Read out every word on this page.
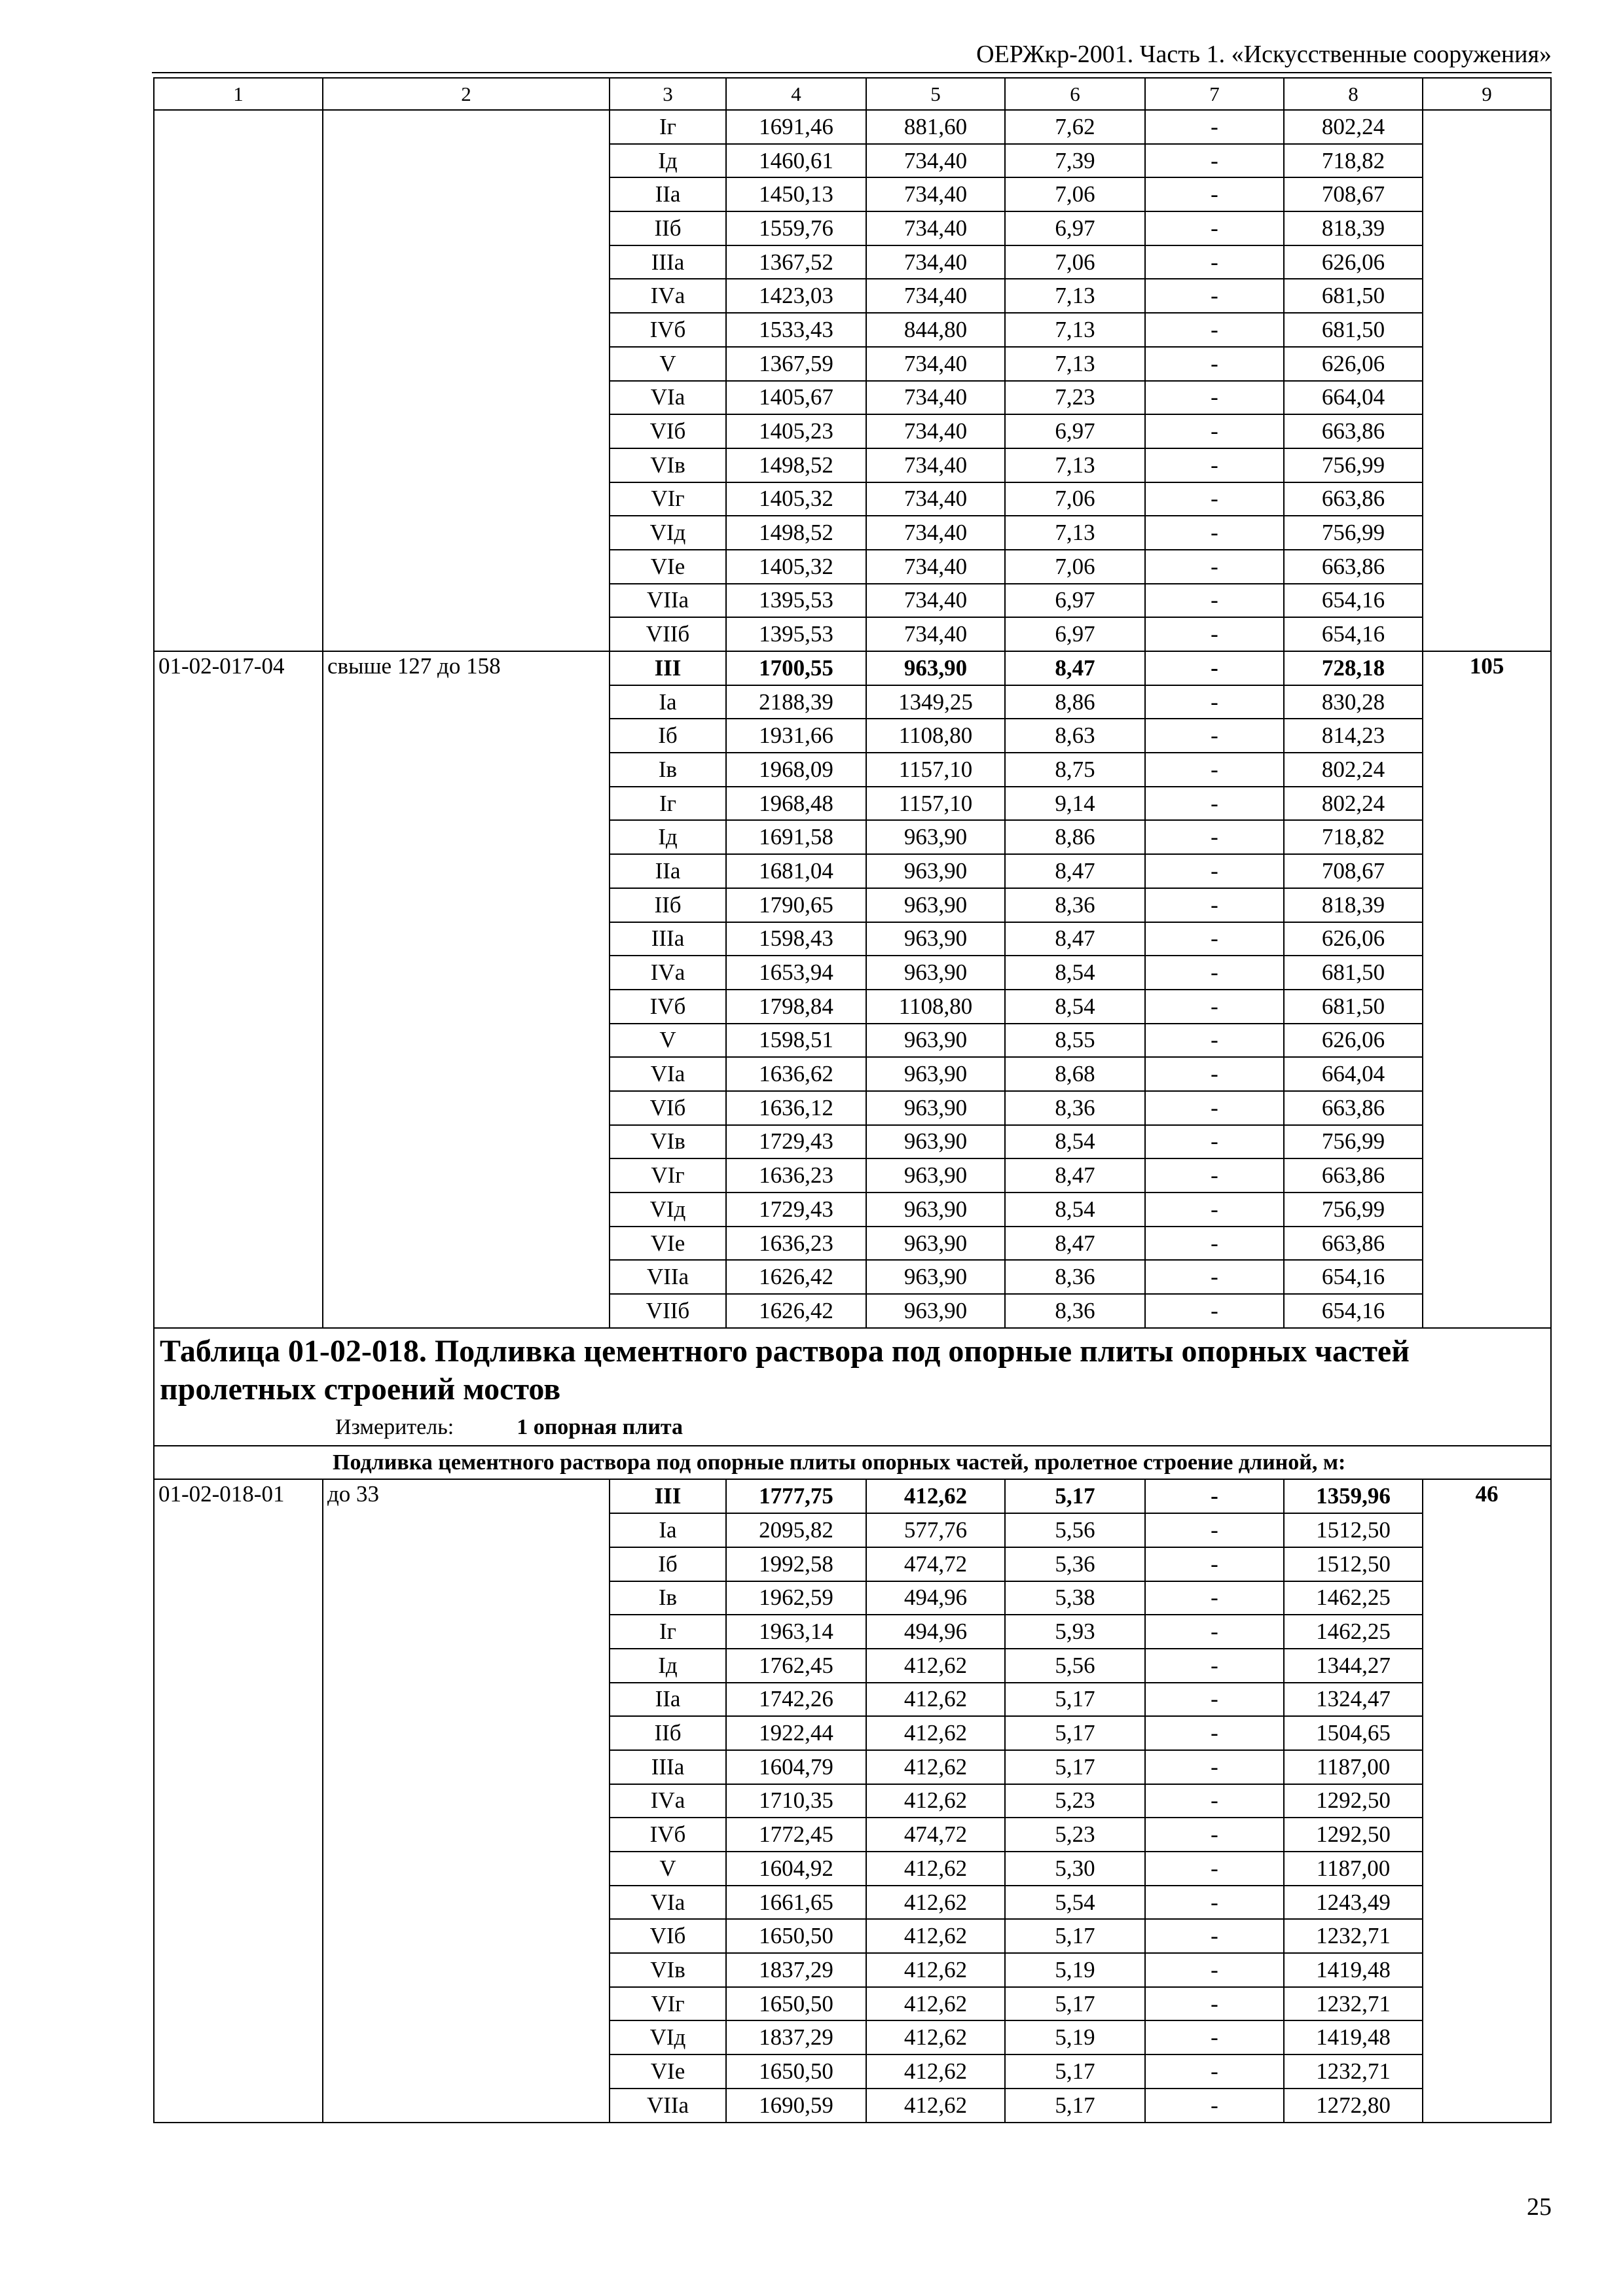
ОЕРЖкр-2001. Часть 1. «Искусственные сооружения»
1	2	3	4	5	6	7	8	9
		Iг	1691,46	881,60	7,62	-	802,24	
		Iд	1460,61	734,40	7,39	-	718,82	
		IIа	1450,13	734,40	7,06	-	708,67	
		IIб	1559,76	734,40	6,97	-	818,39	
		IIIа	1367,52	734,40	7,06	-	626,06	
		IVа	1423,03	734,40	7,13	-	681,50	
		IVб	1533,43	844,80	7,13	-	681,50	
		V	1367,59	734,40	7,13	-	626,06	
		VIа	1405,67	734,40	7,23	-	664,04	
		VIб	1405,23	734,40	6,97	-	663,86	
		VIв	1498,52	734,40	7,13	-	756,99	
		VIг	1405,32	734,40	7,06	-	663,86	
		VIд	1498,52	734,40	7,13	-	756,99	
		VIе	1405,32	734,40	7,06	-	663,86	
		VIIа	1395,53	734,40	6,97	-	654,16	
		VIIб	1395,53	734,40	6,97	-	654,16	
01-02-017-04	свыше 127 до 158	III	1700,55	963,90	8,47	-	728,18	105
		Iа	2188,39	1349,25	8,86	-	830,28	
		Iб	1931,66	1108,80	8,63	-	814,23	
		Iв	1968,09	1157,10	8,75	-	802,24	
		Iг	1968,48	1157,10	9,14	-	802,24	
		Iд	1691,58	963,90	8,86	-	718,82	
		IIа	1681,04	963,90	8,47	-	708,67	
		IIб	1790,65	963,90	8,36	-	818,39	
		IIIа	1598,43	963,90	8,47	-	626,06	
		IVа	1653,94	963,90	8,54	-	681,50	
		IVб	1798,84	1108,80	8,54	-	681,50	
		V	1598,51	963,90	8,55	-	626,06	
		VIа	1636,62	963,90	8,68	-	664,04	
		VIб	1636,12	963,90	8,36	-	663,86	
		VIв	1729,43	963,90	8,54	-	756,99	
		VIг	1636,23	963,90	8,47	-	663,86	
		VIд	1729,43	963,90	8,54	-	756,99	
		VIе	1636,23	963,90	8,47	-	663,86	
		VIIа	1626,42	963,90	8,36	-	654,16	
		VIIб	1626,42	963,90	8,36	-	654,16	

Таблица 01-02-018. Подливка цементного раствора под опорные плиты опорных частей пролетных строений мостов
Измеритель: 1 опорная плита								

Подливка цементного раствора под опорные плиты опорных частей, пролетное строение длиной, м:								
01-02-018-01	до 33	III	1777,75	412,62	5,17	-	1359,96	46
		Iа	2095,82	577,76	5,56	-	1512,50	
		Iб	1992,58	474,72	5,36	-	1512,50	
		Iв	1962,59	494,96	5,38	-	1462,25	
		Iг	1963,14	494,96	5,93	-	1462,25	
		Iд	1762,45	412,62	5,56	-	1344,27	
		IIа	1742,26	412,62	5,17	-	1324,47	
		IIб	1922,44	412,62	5,17	-	1504,65	
		IIIа	1604,79	412,62	5,17	-	1187,00	
		IVа	1710,35	412,62	5,23	-	1292,50	
		IVб	1772,45	474,72	5,23	-	1292,50	
		V	1604,92	412,62	5,30	-	1187,00	
		VIа	1661,65	412,62	5,54	-	1243,49	
		VIб	1650,50	412,62	5,17	-	1232,71	
		VIв	1837,29	412,62	5,19	-	1419,48	
		VIг	1650,50	412,62	5,17	-	1232,71	
		VIд	1837,29	412,62	5,19	-	1419,48	
		VIе	1650,50	412,62	5,17	-	1232,71	
		VIIа	1690,59	412,62	5,17	-	1272,80	
25
